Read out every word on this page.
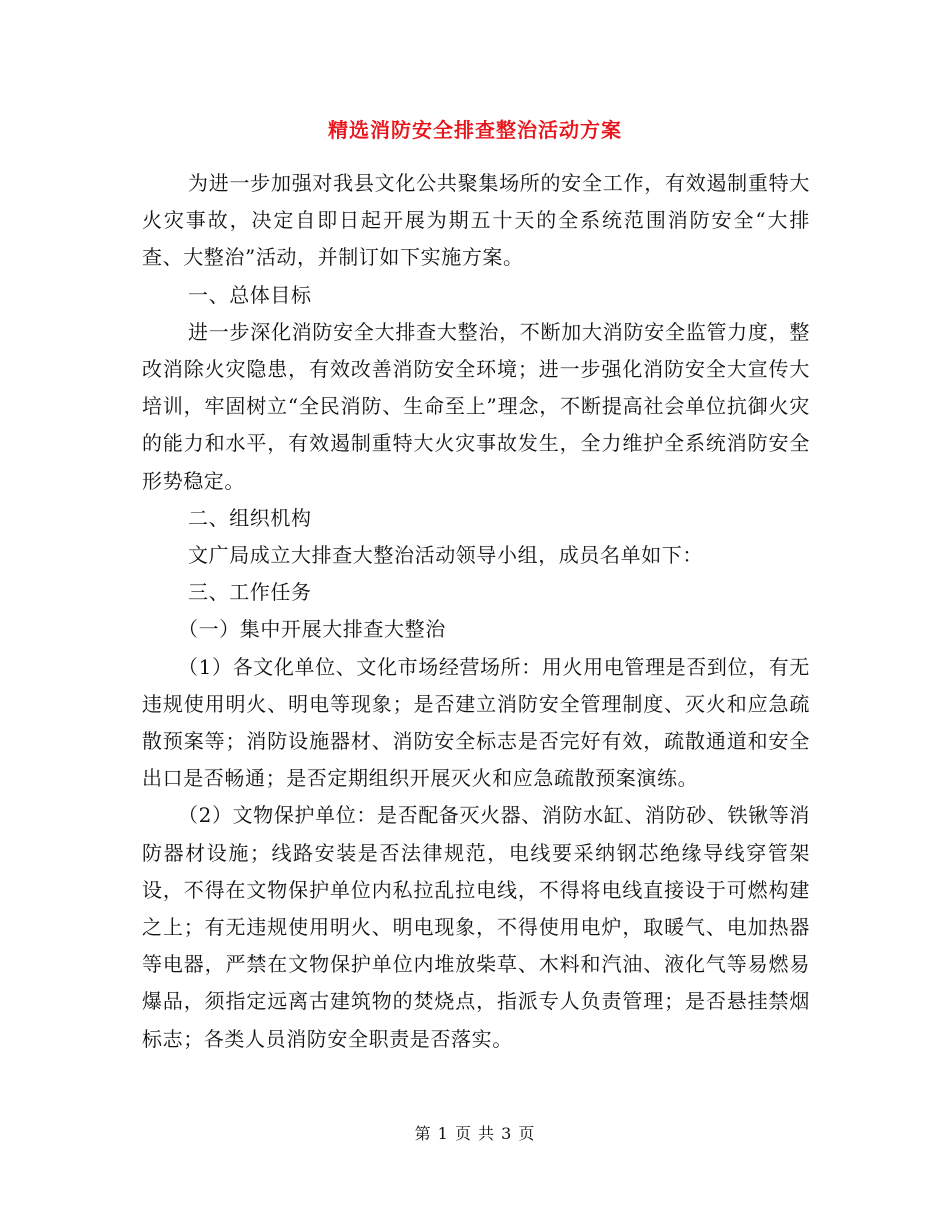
精选消防安全排查整治活动方案

为进一步加强对我县文化公共聚集场所的安全工作，有效遏制重特大火灾事故，决定自即日起开展为期五十天的全系统范围消防安全“大排查、大整治”活动，并制订如下实施方案。

一、总体目标

进一步深化消防安全大排查大整治，不断加大消防安全监管力度，整改消除火灾隐患，有效改善消防安全环境；进一步强化消防安全大宣传大培训，牢固树立“全民消防、生命至上”理念，不断提高社会单位抗御火灾的能力和水平，有效遏制重特大火灾事故发生，全力维护全系统消防安全形势稳定。

二、组织机构

文广局成立大排查大整治活动领导小组，成员名单如下：

三、工作任务

（一）集中开展大排查大整治

（1）各文化单位、文化市场经营场所：用火用电管理是否到位，有无违规使用明火、明电等现象；是否建立消防安全管理制度、灭火和应急疏散预案等；消防设施器材、消防安全标志是否完好有效，疏散通道和安全出口是否畅通；是否定期组织开展灭火和应急疏散预案演练。

（2）文物保护单位：是否配备灭火器、消防水缸、消防砂、铁锹等消防器材设施；线路安装是否法律规范，电线要采纳钢芯绝缘导线穿管架设，不得在文物保护单位内私拉乱拉电线，不得将电线直接设于可燃构建之上；有无违规使用明火、明电现象，不得使用电炉，取暖气、电加热器等电器，严禁在文物保护单位内堆放柴草、木料和汽油、液化气等易燃易爆品，须指定远离古建筑物的焚烧点，指派专人负责管理；是否悬挂禁烟标志；各类人员消防安全职责是否落实。

第 1 页 共 3 页
